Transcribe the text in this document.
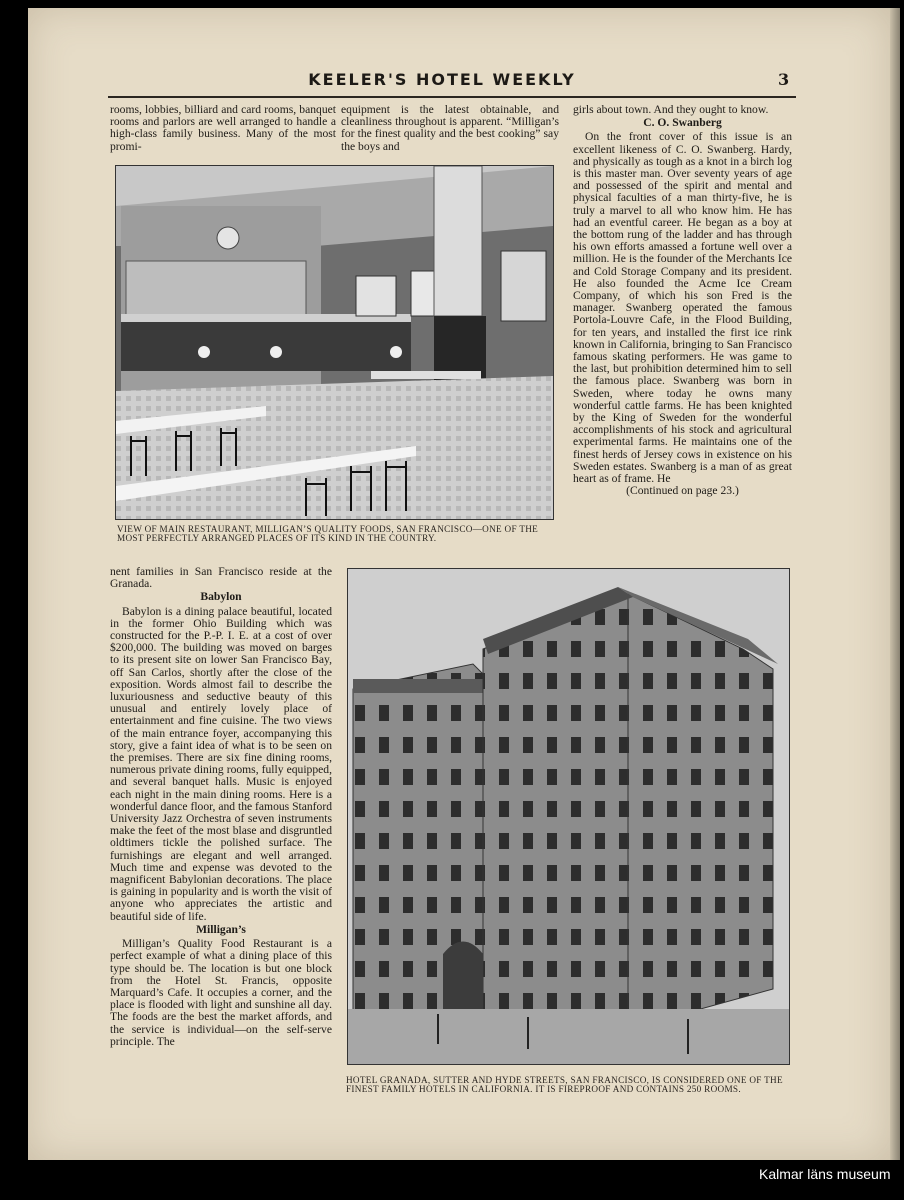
KEELER'S HOTEL WEEKLY	3

rooms, lobbies, billiard and card rooms, banquet rooms and parlors are well arranged to handle a high-class family business. Many of the most promi-

equipment is the latest obtainable, and cleanliness throughout is apparent. “Milligan’s for the finest quality and the best cooking” say the boys and

girls about town. And they ought to know.

C. O. Swanberg

On the front cover of this issue is an excellent likeness of C. O. Swanberg. Hardy, and physically as tough as a knot in a birch log is this master man. Over seventy years of age and possessed of the spirit and mental and physical faculties of a man thirty-five, he is truly a marvel to all who know him. He has had an eventful career. He began as a boy at the bottom rung of the ladder and has through his own efforts amassed a fortune well over a million. He is the founder of the Merchants Ice and Cold Storage Company and its president. He also founded the Acme Ice Cream Company, of which his son Fred is the manager. Swanberg operated the famous Portola-Louvre Cafe, in the Flood Building, for ten years, and installed the first ice rink known in California, bringing to San Francisco famous skating performers. He was game to the last, but prohibition determined him to sell the famous place. Swanberg was born in Sweden, where today he owns many wonderful cattle farms. He has been knighted by the King of Sweden for the wonderful accomplishments of his stock and agricultural experimental farms. He maintains one of the finest herds of Jersey cows in existence on his Sweden estates. Swanberg is a man of as great heart as of frame. He

(Continued on page 23.)

VIEW OF MAIN RESTAURANT, MILLIGAN’S QUALITY FOODS, SAN FRANCISCO—ONE OF THE MOST PERFECTLY ARRANGED PLACES OF ITS KIND IN THE COUNTRY.

nent families in San Francisco reside at the Granada.

Babylon

Babylon is a dining palace beautiful, located in the former Ohio Building which was constructed for the P.-P. I. E. at a cost of over $200,000. The building was moved on barges to its present site on lower San Francisco Bay, off San Carlos, shortly after the close of the exposition. Words almost fail to describe the luxuriousness and seductive beauty of this unusual and entirely lovely place of entertainment and fine cuisine. The two views of the main entrance foyer, accompanying this story, give a faint idea of what is to be seen on the premises. There are six fine dining rooms, numerous private dining rooms, fully equipped, and several banquet halls. Music is enjoyed each night in the main dining rooms. Here is a wonderful dance floor, and the famous Stanford University Jazz Orchestra of seven instruments make the feet of the most blase and disgruntled oldtimers tickle the polished surface. The furnishings are elegant and well arranged. Much time and expense was devoted to the magnificent Babylonian decorations. The place is gaining in popularity and is worth the visit of anyone who appreciates the artistic and beautiful side of life.

Milligan’s

Milligan’s Quality Food Restaurant is a perfect example of what a dining place of this type should be. The location is but one block from the Hotel St. Francis, opposite Marquard’s Cafe. It occupies a corner, and the place is flooded with light and sunshine all day. The foods are the best the market affords, and the service is individual—on the self-serve principle. The

HOTEL GRANADA, SUTTER AND HYDE STREETS, SAN FRANCISCO, IS CONSIDERED ONE OF THE FINEST FAMILY HOTELS IN CALIFORNIA. IT IS FIREPROOF AND CONTAINS 250 ROOMS.
Kalmar läns museum
